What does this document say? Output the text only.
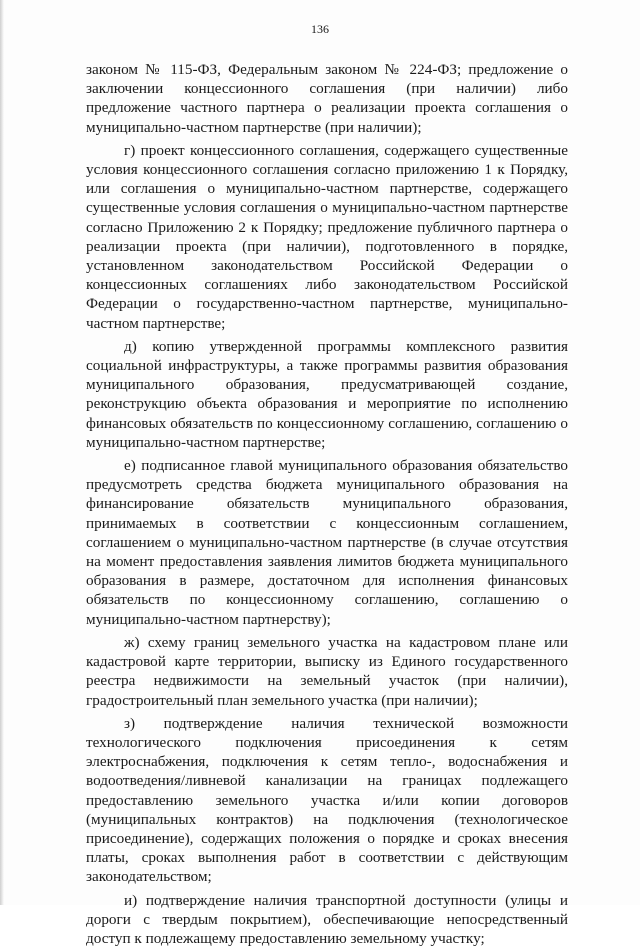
136

законом № 115-ФЗ, Федеральным законом № 224-ФЗ; предложение о заключении концессионного соглашения (при наличии) либо предложение частного партнера о реализации проекта соглашения о муниципально-частном партнерстве (при наличии);

г) проект концессионного соглашения, содержащего существенные условия концессионного соглашения согласно приложению 1 к Порядку, или соглашения о муниципально-частном партнерстве, содержащего существенные условия соглашения о муниципально-частном партнерстве согласно Приложению 2 к Порядку; предложение публичного партнера о реализации проекта (при наличии), подготовленного в порядке, установленном законодательством Российской Федерации о концессионных соглашениях либо законодательством Российской Федерации о государственно-частном партнерстве, муниципально-частном партнерстве;

д) копию утвержденной программы комплексного развития социальной инфраструктуры, а также программы развития образования муниципального образования, предусматривающей создание, реконструкцию объекта образования и мероприятие по исполнению финансовых обязательств по концессионному соглашению, соглашению о муниципально-частном партнерстве;

е) подписанное главой муниципального образования обязательство предусмотреть средства бюджета муниципального образования на финансирование обязательств муниципального образования, принимаемых в соответствии с концессионным соглашением, соглашением о муниципально-частном партнерстве (в случае отсутствия на момент предоставления заявления лимитов бюджета муниципального образования в размере, достаточном для исполнения финансовых обязательств по концессионному соглашению, соглашению о муниципально-частном партнерству);

ж) схему границ земельного участка на кадастровом плане или кадастровой карте территории, выписку из Единого государственного реестра недвижимости на земельный участок (при наличии), градостроительный план земельного участка (при наличии);

з) подтверждение наличия технической возможности технологического подключения присоединения к сетям электроснабжения, подключения к сетям тепло-, водоснабжения и водоотведения/ливневой канализации на границах подлежащего предоставлению земельного участка и/или копии договоров (муниципальных контрактов) на подключения (технологическое присоединение), содержащих положения о порядке и сроках внесения платы, сроках выполнения работ в соответствии с действующим законодательством;

и) подтверждение наличия транспортной доступности (улицы и дороги с твердым покрытием), обеспечивающие непосредственный доступ к подлежащему предоставлению земельному участку;
